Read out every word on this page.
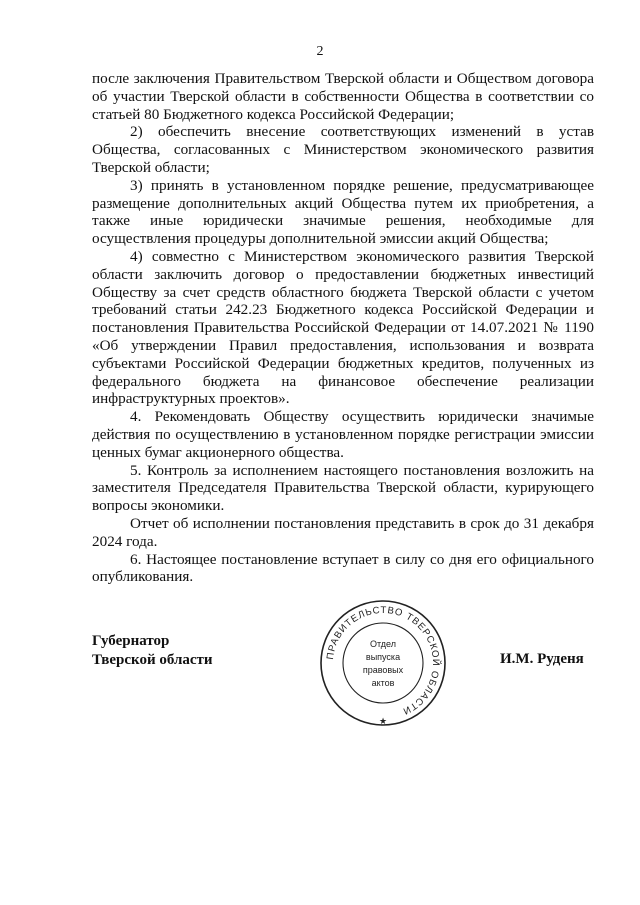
2

после заключения Правительством Тверской области и Обществом договора об участии Тверской области в собственности Общества в соответствии со статьей 80 Бюджетного кодекса Российской Федерации;

2) обеспечить внесение соответствующих изменений в устав Общества, согласованных с Министерством экономического развития Тверской области;

3) принять в установленном порядке решение, предусматривающее размещение дополнительных акций Общества путем их приобретения, а также иные юридически значимые решения, необходимые для осуществления процедуры дополнительной эмиссии акций Общества;

4) совместно с Министерством экономического развития Тверской области заключить договор о предоставлении бюджетных инвестиций Обществу за счет средств областного бюджета Тверской области с учетом требований статьи 242.23 Бюджетного кодекса Российской Федерации и постановления Правительства Российской Федерации от 14.07.2021 № 1190 «Об утверждении Правил предоставления, использования и возврата субъектами Российской Федерации бюджетных кредитов, полученных из федерального бюджета на финансовое обеспечение реализации инфраструктурных проектов».

4. Рекомендовать Обществу осуществить юридически значимые действия по осуществлению в установленном порядке регистрации эмиссии ценных бумаг акционерного общества.

5. Контроль за исполнением настоящего постановления возложить на заместителя Председателя Правительства Тверской области, курирующего вопросы экономики.

Отчет об исполнении постановления представить в срок до 31 декабря 2024 года.

6. Настоящее постановление вступает в силу со дня его официального опубликования.

Губернатор
Тверской области	И.М. Руденя
ПРАВИТЕЛЬСТВО ТВЕРСКОЙ ОБЛАСТИ
★
Отдел
выпуска
правовых
актов
